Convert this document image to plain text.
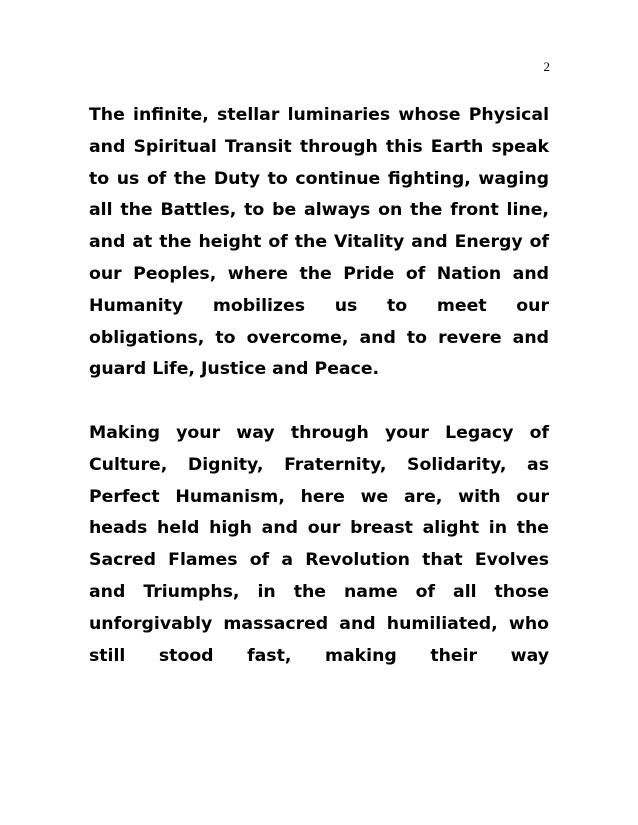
2

The infinite, stellar luminaries whose Physical and Spiritual Transit through this Earth speak to us of the Duty to continue fighting, waging all the Battles, to be always on the front line, and at the height of the Vitality and Energy of our Peoples, where the Pride of Nation and Humanity mobilizes us to meet our obligations, to overcome, and to revere and guard Life, Justice and Peace.

Making your way through your Legacy of Culture, Dignity, Fraternity, Solidarity, as Perfect Humanism, here we are, with our heads held high and our breast alight in the Sacred Flames of a Revolution that Evolves and Triumphs, in the name of all those unforgivably massacred and humiliated, who still stood fast, making their way
